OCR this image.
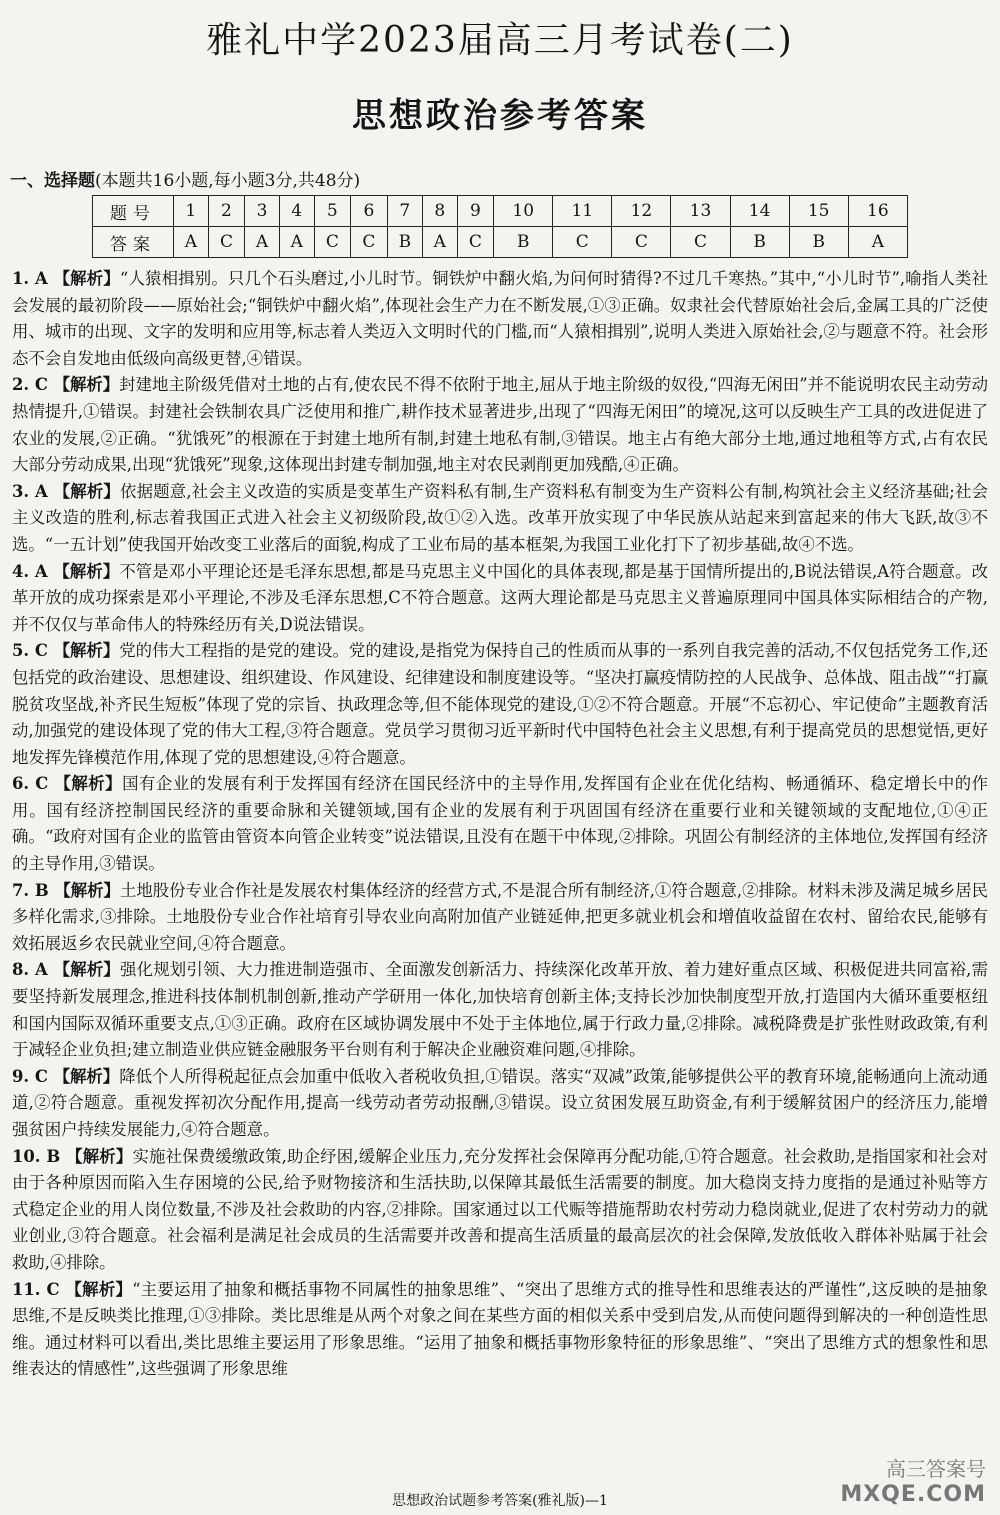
雅礼中学2023届高三月考试卷(二)
思想政治参考答案
一、选择题(本题共16小题,每小题3分,共48分)
题号	1	2	3	4	5	6	7	8	9	10	11	12	13	14	15	16
答案	A	C	A	A	C	C	B	A	C	B	C	C	C	B	B	A

1. A 【解析】“人猿相揖别。只几个石头磨过,小儿时节。铜铁炉中翻火焰,为问何时猜得?不过几千寒热。”其中,“小儿时节”,喻指人类社会发展的最初阶段——原始社会;“铜铁炉中翻火焰”,体现社会生产力在不断发展,①③正确。奴隶社会代替原始社会后,金属工具的广泛使用、城市的出现、文字的发明和应用等,标志着人类迈入文明时代的门槛,而“人猿相揖别”,说明人类进入原始社会,②与题意不符。社会形态不会自发地由低级向高级更替,④错误。

2. C 【解析】封建地主阶级凭借对土地的占有,使农民不得不依附于地主,屈从于地主阶级的奴役,“四海无闲田”并不能说明农民主动劳动热情提升,①错误。封建社会铁制农具广泛使用和推广,耕作技术显著进步,出现了“四海无闲田”的境况,这可以反映生产工具的改进促进了农业的发展,②正确。“犹饿死”的根源在于封建土地所有制,封建土地私有制,③错误。地主占有绝大部分土地,通过地租等方式,占有农民大部分劳动成果,出现“犹饿死”现象,这体现出封建专制加强,地主对农民剥削更加残酷,④正确。

3. A 【解析】依据题意,社会主义改造的实质是变革生产资料私有制,生产资料私有制变为生产资料公有制,构筑社会主义经济基础;社会主义改造的胜利,标志着我国正式进入社会主义初级阶段,故①②入选。改革开放实现了中华民族从站起来到富起来的伟大飞跃,故③不选。“一五计划”使我国开始改变工业落后的面貌,构成了工业布局的基本框架,为我国工业化打下了初步基础,故④不选。

4. A 【解析】不管是邓小平理论还是毛泽东思想,都是马克思主义中国化的具体表现,都是基于国情所提出的,B说法错误,A符合题意。改革开放的成功探索是邓小平理论,不涉及毛泽东思想,C不符合题意。这两大理论都是马克思主义普遍原理同中国具体实际相结合的产物,并不仅仅与革命伟人的特殊经历有关,D说法错误。

5. C 【解析】党的伟大工程指的是党的建设。党的建设,是指党为保持自己的性质而从事的一系列自我完善的活动,不仅包括党务工作,还包括党的政治建设、思想建设、组织建设、作风建设、纪律建设和制度建设等。“坚决打赢疫情防控的人民战争、总体战、阻击战”“打赢脱贫攻坚战,补齐民生短板”体现了党的宗旨、执政理念等,但不能体现党的建设,①②不符合题意。开展“不忘初心、牢记使命”主题教育活动,加强党的建设体现了党的伟大工程,③符合题意。党员学习贯彻习近平新时代中国特色社会主义思想,有利于提高党员的思想觉悟,更好地发挥先锋模范作用,体现了党的思想建设,④符合题意。

6. C 【解析】国有企业的发展有利于发挥国有经济在国民经济中的主导作用,发挥国有企业在优化结构、畅通循环、稳定增长中的作用。国有经济控制国民经济的重要命脉和关键领域,国有企业的发展有利于巩固国有经济在重要行业和关键领域的支配地位,①④正确。“政府对国有企业的监管由管资本向管企业转变”说法错误,且没有在题干中体现,②排除。巩固公有制经济的主体地位,发挥国有经济的主导作用,③错误。

7. B 【解析】土地股份专业合作社是发展农村集体经济的经营方式,不是混合所有制经济,①符合题意,②排除。材料未涉及满足城乡居民多样化需求,③排除。土地股份专业合作社培育引导农业向高附加值产业链延伸,把更多就业机会和增值收益留在农村、留给农民,能够有效拓展返乡农民就业空间,④符合题意。

8. A 【解析】强化规划引领、大力推进制造强市、全面激发创新活力、持续深化改革开放、着力建好重点区域、积极促进共同富裕,需要坚持新发展理念,推进科技体制机制创新,推动产学研用一体化,加快培育创新主体;支持长沙加快制度型开放,打造国内大循环重要枢纽和国内国际双循环重要支点,①③正确。政府在区域协调发展中不处于主体地位,属于行政力量,②排除。减税降费是扩张性财政政策,有利于减轻企业负担;建立制造业供应链金融服务平台则有利于解决企业融资难问题,④排除。

9. C 【解析】降低个人所得税起征点会加重中低收入者税收负担,①错误。落实“双减”政策,能够提供公平的教育环境,能畅通向上流动通道,②符合题意。重视发挥初次分配作用,提高一线劳动者劳动报酬,③错误。设立贫困发展互助资金,有利于缓解贫困户的经济压力,能增强贫困户持续发展能力,④符合题意。

10. B 【解析】实施社保费缓缴政策,助企纾困,缓解企业压力,充分发挥社会保障再分配功能,①符合题意。社会救助,是指国家和社会对由于各种原因而陷入生存困境的公民,给予财物接济和生活扶助,以保障其最低生活需要的制度。加大稳岗支持力度指的是通过补贴等方式稳定企业的用人岗位数量,不涉及社会救助的内容,②排除。国家通过以工代赈等措施帮助农村劳动力稳岗就业,促进了农村劳动力的就业创业,③符合题意。社会福利是满足社会成员的生活需要并改善和提高生活质量的最高层次的社会保障,发放低收入群体补贴属于社会救助,④排除。

11. C 【解析】“主要运用了抽象和概括事物不同属性的抽象思维”、“突出了思维方式的推导性和思维表达的严谨性”,这反映的是抽象思维,不是反映类比推理,①③排除。类比思维是从两个对象之间在某些方面的相似关系中受到启发,从而使问题得到解决的一种创造性思维。通过材料可以看出,类比思维主要运用了形象思维。“运用了抽象和概括事物形象特征的形象思维”、“突出了思维方式的想象性和思维表达的情感性”,这些强调了形象思维

思想政治试题参考答案(雅礼版)—1
高三答案号
MXQE.COM
